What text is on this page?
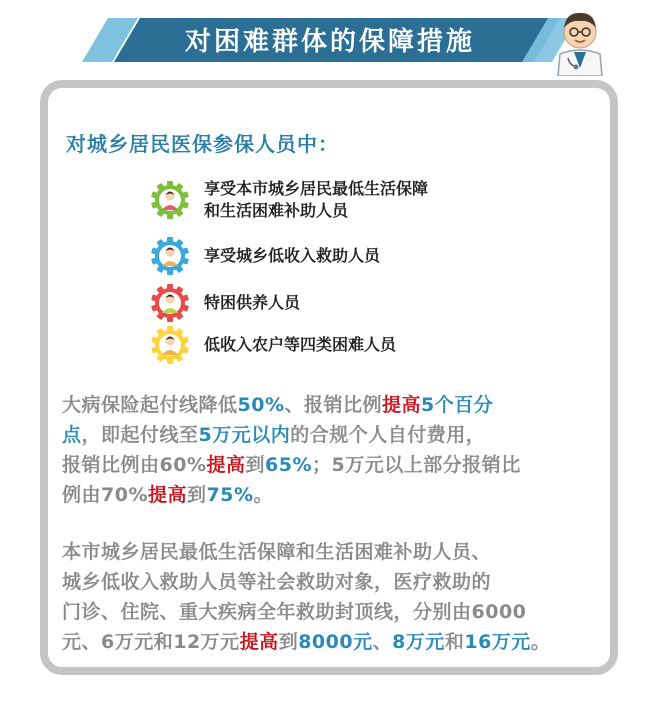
对困难群体的保障措施
对城乡居民医保参保人员中：
享受本市城乡居民最低生活保障
和生活困难补助人员
享受城乡低收入救助人员
特困供养人员
低收入农户等四类困难人员
大病保险起付线降低50%、报销比例提高5个百分
点，即起付线至5万元以内的合规个人自付费用，
报销比例由60%提高到65%；5万元以上部分报销比
例由70%提高到75%。
本市城乡居民最低生活保障和生活困难补助人员、
城乡低收入救助人员等社会救助对象，医疗救助的
门诊、住院、重大疾病全年救助封顶线，分别由6000
元、6万元和12万元提高到8000元、8万元和16万元。
